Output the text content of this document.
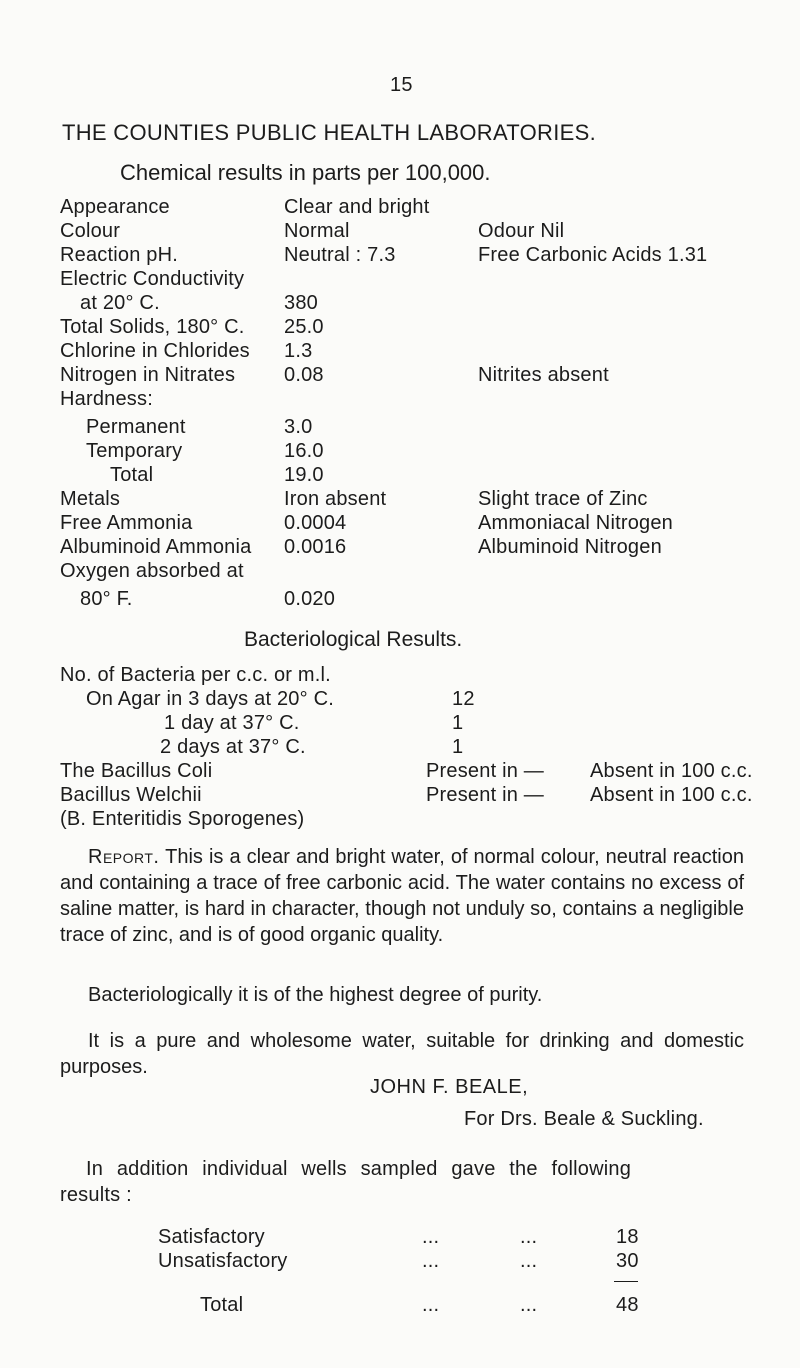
15
THE COUNTIES PUBLIC HEALTH LABORATORIES.
Chemical results in parts per 100,000.
Appearance	Clear and bright
Colour	Normal	Odour Nil
Reaction pH.	Neutral : 7.3	Free Carbonic Acids 1.31
Electric Conductivity
at 20° C.	380
Total Solids, 180° C. 25.0
Chlorine in Chlorides 1.3
Nitrogen in Nitrates 0.08	Nitrites absent
Hardness:
Permanent	3.0
Temporary	16.0
Total	19.0
Metals	Iron absent	Slight trace of Zinc
Free Ammonia	0.0004	Ammoniacal Nitrogen
Albuminoid Ammonia 0.0016	Albuminoid Nitrogen
Oxygen absorbed at
80° F.	0.020
Bacteriological Results.
No. of Bacteria per c.c. or m.l.
On Agar in 3 days at 20° C.	12
1 day at 37° C.	1
2 days at 37° C.	1
The Bacillus Coli	Present in — Absent in 100 c.c.
Bacillus Welchii	Present in — Absent in 100 c.c.
(B. Enteritidis Sporogenes)
Report. This is a clear and bright water, of normal colour, neutral reaction and containing a trace of free carbonic acid. The water contains no excess of saline matter, is hard in character, though not unduly so, contains a negligible trace of zinc, and is of good organic quality.
Bacteriologically it is of the highest degree of purity.
It is a pure and wholesome water, suitable for drinking and domestic purposes.
JOHN F. BEALE,
For Drs. Beale & Suckling.
In addition individual wells sampled gave the following
results :
Satisfactory	...	...	18
Unsatisfactory	...	...	30
Total	...	...	48
